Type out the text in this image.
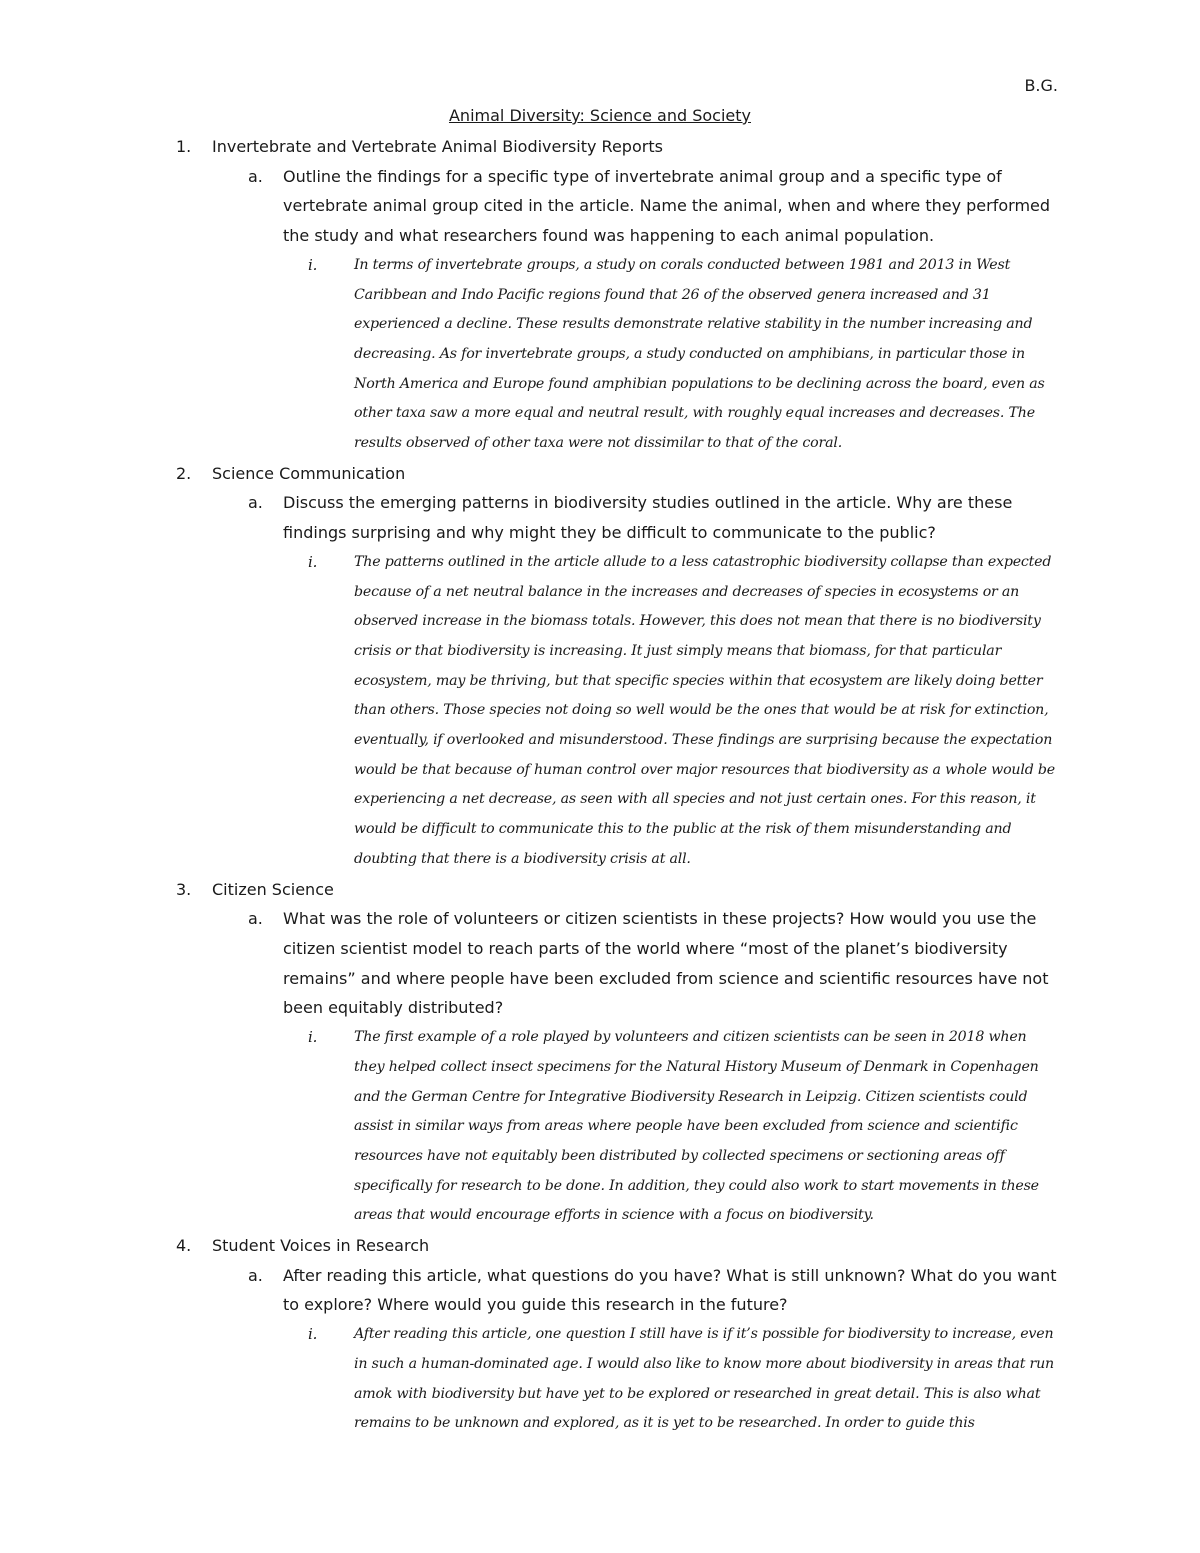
B.G.
Animal Diversity: Science and Society
1. Invertebrate and Vertebrate Animal Biodiversity Reports
a. Outline the findings for a specific type of invertebrate animal group and a specific type of vertebrate animal group cited in the article. Name the animal, when and where they performed the study and what researchers found was happening to each animal population.
i.	In terms of invertebrate groups, a study on corals conducted between 1981 and 2013 in West Caribbean and Indo Pacific regions found that 26 of the observed genera increased and 31 experienced a decline. These results demonstrate relative stability in the number increasing and decreasing. As for invertebrate groups, a study conducted on amphibians, in particular those in North America and Europe found amphibian populations to be declining across the board, even as other taxa saw a more equal and neutral result, with roughly equal increases and decreases. The results observed of other taxa were not dissimilar to that of the coral.
2. Science Communication
a. Discuss the emerging patterns in biodiversity studies outlined in the article. Why are these findings surprising and why might they be difficult to communicate to the public?
i.	The patterns outlined in the article allude to a less catastrophic biodiversity collapse than expected because of a net neutral balance in the increases and decreases of species in ecosystems or an observed increase in the biomass totals. However, this does not mean that there is no biodiversity crisis or that biodiversity is increasing. It just simply means that biomass, for that particular ecosystem, may be thriving, but that specific species within that ecosystem are likely doing better than others. Those species not doing so well would be the ones that would be at risk for extinction, eventually, if overlooked and misunderstood. These findings are surprising because the expectation would be that because of human control over major resources that biodiversity as a whole would be experiencing a net decrease, as seen with all species and not just certain ones. For this reason, it would be difficult to communicate this to the public at the risk of them misunderstanding and doubting that there is a biodiversity crisis at all.
3. Citizen Science
a. What was the role of volunteers or citizen scientists in these projects? How would you use the citizen scientist model to reach parts of the world where “most of the planet’s biodiversity remains” and where people have been excluded from science and scientific resources have not been equitably distributed?
i.	The first example of a role played by volunteers and citizen scientists can be seen in 2018 when they helped collect insect specimens for the Natural History Museum of Denmark in Copenhagen and the German Centre for Integrative Biodiversity Research in Leipzig. Citizen scientists could assist in similar ways from areas where people have been excluded from science and scientific resources have not equitably been distributed by collected specimens or sectioning areas off specifically for research to be done. In addition, they could also work to start movements in these areas that would encourage efforts in science with a focus on biodiversity.
4. Student Voices in Research
a. After reading this article, what questions do you have? What is still unknown? What do you want to explore? Where would you guide this research in the future?
i.	After reading this article, one question I still have is if it’s possible for biodiversity to increase, even in such a human-dominated age. I would also like to know more about biodiversity in areas that run amok with biodiversity but have yet to be explored or researched in great detail. This is also what remains to be unknown and explored, as it is yet to be researched. In order to guide this
